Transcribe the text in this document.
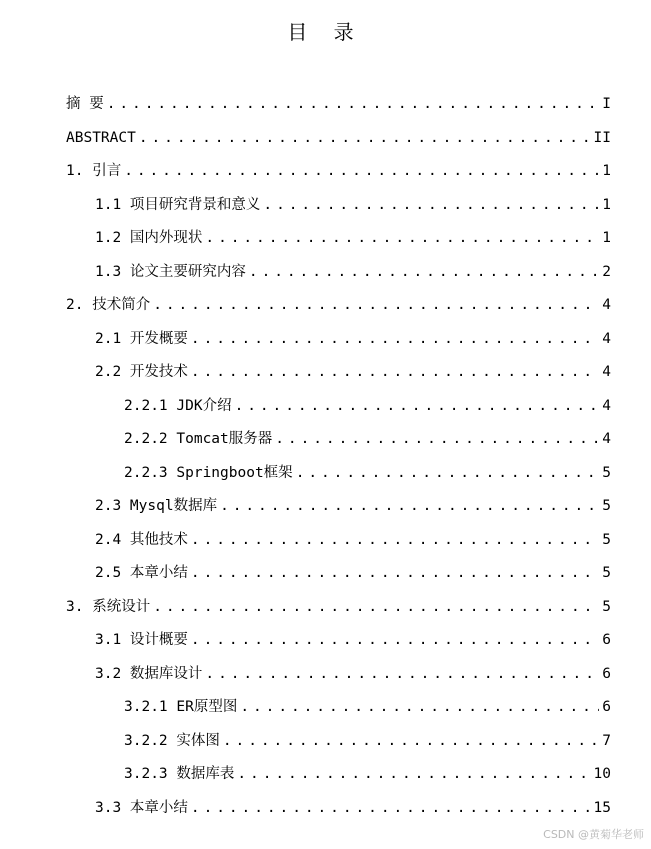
目 录
摘 要 . . .	I
ABSTRACT . . .	II
1. 引言 . . .	1
1.1 项目研究背景和意义 . . .	1
1.2 国内外现状 . . .	1
1.3 论文主要研究内容 . . .	2
2. 技术简介 . . .	4
2.1 开发概要 . . .	4
2.2 开发技术 . . .	4
2.2.1 JDK介绍 . . .	4
2.2.2 Tomcat服务器 . . .	4
2.2.3 Springboot框架 . . .	5
2.3 Mysql数据库 . . .	5
2.4 其他技术 . . .	5
2.5 本章小结 . . .	5
3. 系统设计 . . .	5
3.1 设计概要 . . .	6
3.2 数据库设计 . . .	6
3.2.1 ER原型图 . . .	6
3.2.2 实体图 . . .	7
3.2.3 数据库表 . . .	10
3.3 本章小结 . . .	15
CSDN @黄菊华老师
